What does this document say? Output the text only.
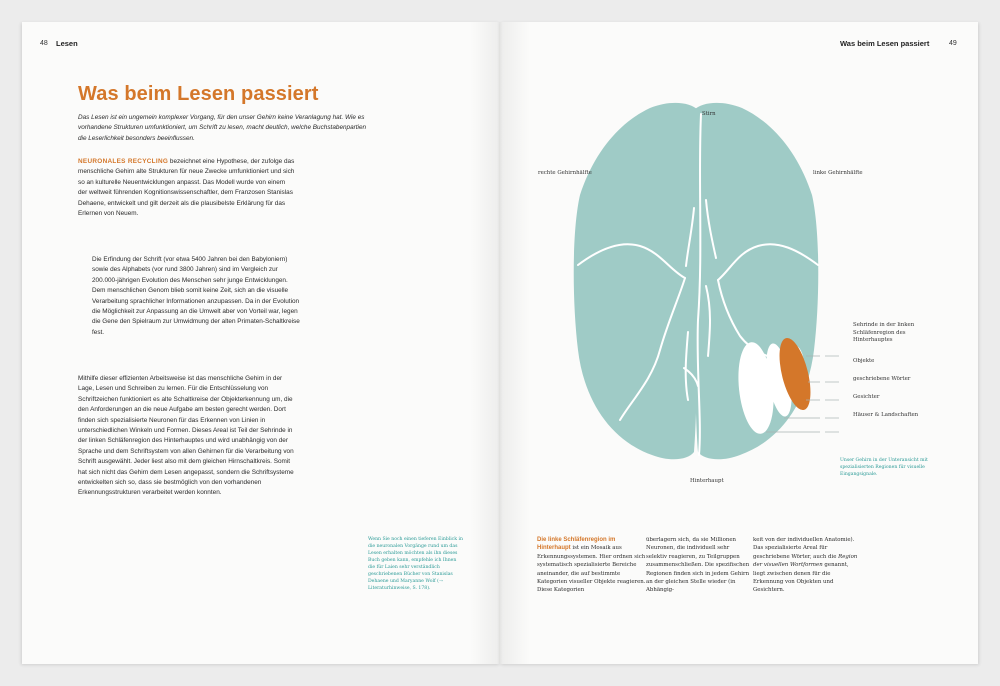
48 Lesen
Was beim Lesen passiert
Das Lesen ist ein ungemein komplexer Vorgang, für den unser Gehirn keine Veranlagung hat. Wie es vorhandene Strukturen umfunktioniert, um Schrift zu lesen, macht deutlich, welche Buchstabenpartien die Leserlichkeit besonders beeinflussen.

NEURONALES RECYCLING bezeichnet eine Hypothese, der zufolge das menschliche Gehirn alte Strukturen für neue Zwecke umfunktioniert und sich so an kulturelle Neuentwicklungen anpasst. Das Modell wurde von einem der weltweit führenden Kognitionswissenschaftler, dem Franzosen Stanislas Dehaene, entwickelt und gilt derzeit als die plausibelste Erklärung für das Erlernen von Neuem.

Die Erfindung der Schrift (vor etwa 5400 Jahren bei den Babyloniern) sowie des Alphabets (vor rund 3800 Jahren) sind im Vergleich zur 200.000-jährigen Evolution des Menschen sehr junge Entwicklungen. Dem menschlichen Genom blieb somit keine Zeit, sich an die visuelle Verarbeitung sprachlicher Informationen anzupassen. Da in der Evolution die Möglichkeit zur Anpassung an die Umwelt aber von Vorteil war, legen die Gene den Spielraum zur Umwidmung der alten Primaten-Schaltkreise fest.

Mithilfe dieser effizienten Arbeitsweise ist das menschliche Gehirn in der Lage, Lesen und Schreiben zu lernen. Für die Entschlüsselung von Schriftzeichen funktioniert es alte Schaltkreise der Objekterkennung um, die den Anforderungen an die neue Aufgabe am besten gerecht werden. Dort finden sich spezialisierte Neuronen für das Erkennen von Linien in unterschiedlichen Winkeln und Formen. Dieses Areal ist Teil der Sehrinde in der linken Schläfenregion des Hinterhauptes und wird unabhängig von der Sprache und dem Schriftsystem von allen Gehirnen für die Verarbeitung von Schrift ausgewählt. Jeder liest also mit dem gleichen Hirnschaltkreis. Somit hat sich nicht das Gehirn dem Lesen angepasst, sondern die Schriftsysteme entwickelten sich so, dass sie bestmöglich von den vorhandenen Erkennungsstrukturen verarbeitet werden konnten.

Wenn Sie noch einen tieferen Einblick in die neuronalen Vorgänge rund um das Lesen erhalten möchten als ihn dieses Buch geben kann, empfehle ich Ihnen die für Laien sehr verständlich geschriebenen Bücher von Stanislas Dehaene und Maryanne Wolf (→ Literaturhinweise, S. 178).
Was beim Lesen passiert	49
Stirn
rechte Gehirnhälfte	linke Gehirnhälfte
Hinterhaupt
Sehrinde in der linken Schläfenregion des Hinterhauptes
Objekte
geschriebene Wörter
Gesichter
Häuser & Landschaften
Unser Gehirn in der Unteransicht mit spezialisierten Regionen für visuelle Eingangsignale.
Die linke Schläfenregion im Hinterhaupt ist ein Mosaik aus Erkennungssystemen. Hier ordnen sich systematisch spezialisierte Bereiche aneinander, die auf bestimmte Kategorien visueller Objekte reagieren. Diese Kategorien
überlagern sich, da sie Millionen Neuronen, die individuell sehr selektiv reagieren, zu Teilgruppen zusammenschließen. Die spezifischen Regionen finden sich in jedem Gehirn an der gleichen Stelle wieder (in Abhängig-
keit von der individuellen Anatomie). Das spezialisierte Areal für geschriebene Wörter, auch die Region der visuellen Wortformen genannt, liegt zwischen denen für die Erkennung von Objekten und Gesichtern.
